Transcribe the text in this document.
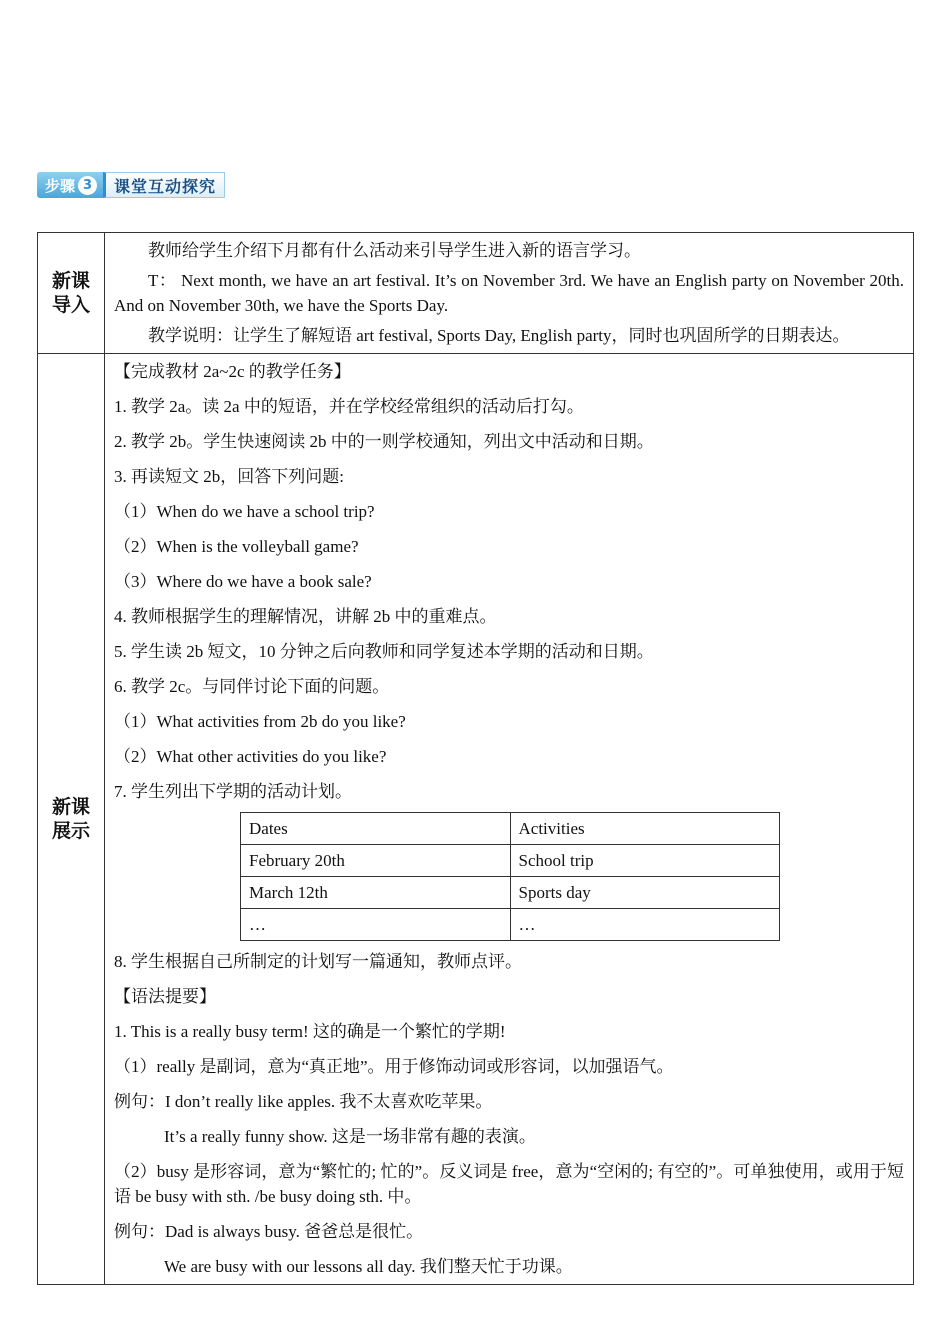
步骤 3	课堂互动探究
新课
导入

教师给学生介绍下月都有什么活动来引导学生进入新的语言学习。

T： Next month, we have an art festival. It’s on November 3rd. We have an English party on November 20th. And on November 30th, we have the Sports Day.

教学说明：让学生了解短语 art festival, Sports Day, English party，同时也巩固所学的日期表达。

新课
展示

【完成教材 2a~2c 的教学任务】

1. 教学 2a。读 2a 中的短语，并在学校经常组织的活动后打勾。

2. 教学 2b。学生快速阅读 2b 中的一则学校通知，列出文中活动和日期。

3. 再读短文 2b，回答下列问题:

（1）When do we have a school trip?

（2）When is the volleyball game?

（3）Where do we have a book sale?

4. 教师根据学生的理解情况，讲解 2b 中的重难点。

5. 学生读 2b 短文，10 分钟之后向教师和同学复述本学期的活动和日期。

6. 教学 2c。与同伴讨论下面的问题。

（1）What activities from 2b do you like?

（2）What other activities do you like?

7. 学生列出下学期的活动计划。

Dates	Activities
February 20th	School trip
March 12th	Sports day
…	…

8. 学生根据自己所制定的计划写一篇通知，教师点评。

【语法提要】

1. This is a really busy term! 这的确是一个繁忙的学期!

（1）really 是副词，意为“真正地”。用于修饰动词或形容词，以加强语气。

例句：I don’t really like apples. 我不太喜欢吃苹果。

It’s a really funny show. 这是一场非常有趣的表演。

（2）busy 是形容词，意为“繁忙的; 忙的”。反义词是 free，意为“空闲的; 有空的”。可单独使用，或用于短语 be busy with sth. /be busy doing sth. 中。

例句：Dad is always busy. 爸爸总是很忙。

We are busy with our lessons all day. 我们整天忙于功课。
